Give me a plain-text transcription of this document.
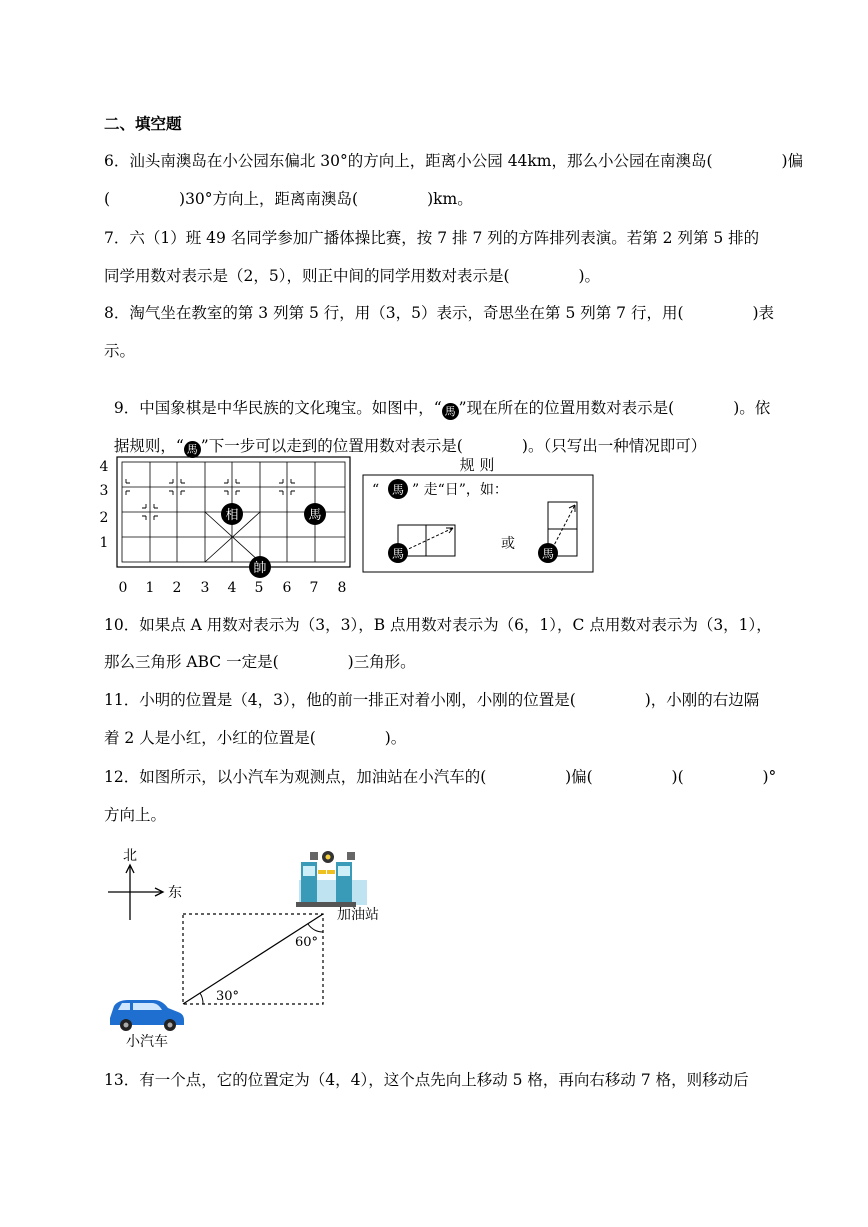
二、填空题
6．汕头南澳岛在小公园东偏北 30°的方向上，距离小公园 44km，那么小公园在南澳岛(              )偏
(              )30°方向上，距离南澳岛(              )km。
7．六（1）班 49 名同学参加广播体操比赛，按 7 排 7 列的方阵排列表演。若第 2 列第 5 排的
同学用数对表示是（2，5），则正中间的同学用数对表示是(              )。
8．淘气坐在教室的第 3 列第 5 行，用（3，5）表示，奇思坐在第 5 列第 7 行，用(              )表
示。

9．中国象棋是中华民族的文化瑰宝。如图中，“ 馬 ”现在所在的位置用数对表示是(            )。依

据规则，“ 馬 ”下一步可以走到的位置用数对表示是(            )。（只写出一种情况即可）

4
3
2
1
相	馬
帥
0 1 2 3 4 5 6 7 8
规 则
“ 馬 ” 走“日”，如：
馬
或
馬
10．如果点 A 用数对表示为（3，3），B 点用数对表示为（6，1），C 点用数对表示为（3，1），
那么三角形 ABC 一定是(              )三角形。
11．小明的位置是（4，3），他的前一排正对着小刚，小刚的位置是(              )，小刚的右边隔
着 2 人是小红，小红的位置是(              )。
12．如图所示，以小汽车为观测点，加油站在小汽车的(                )偏(                )(                )°
方向上。
北
东
加油站
60°
30°
小汽车
13．有一个点，它的位置定为（4，4），这个点先向上移动 5 格，再向右移动 7 格，则移动后
